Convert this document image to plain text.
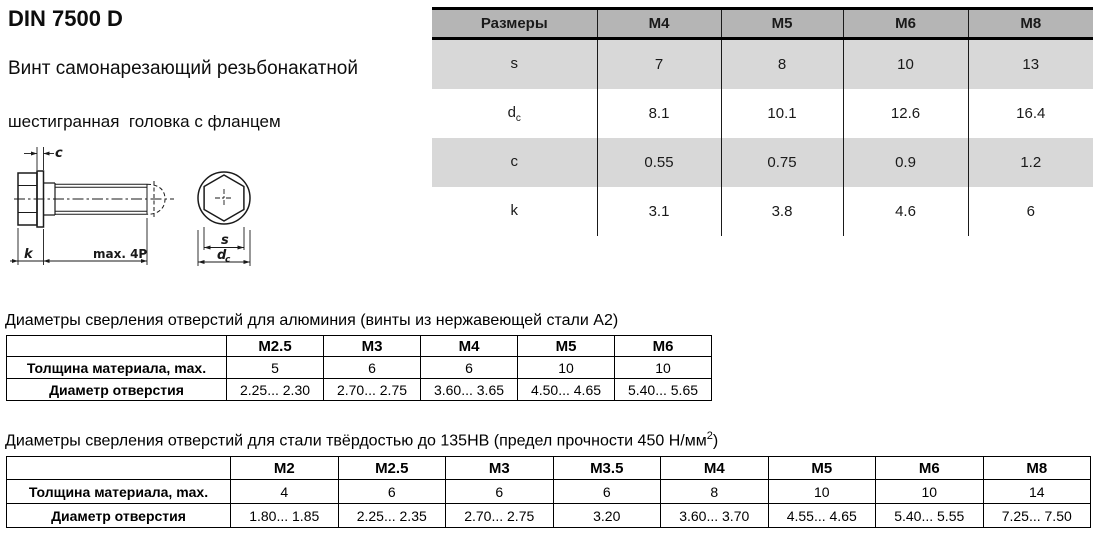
DIN 7500 D
Винт самонарезающий резьбонакатной
шестигранная  головка с фланцем
c
k	max. 4P
s
d
c
Размеры	M4	M5	M6	M8
s	7	8	10	13
$d_c$	8.1	10.1	12.6	16.4
c	0.55	0.75	0.9	1.2
k	3.1	3.8	4.6	6
Диаметры сверления отверстий для алюминия (винты из нержавеющей стали A2)
	M2.5	M3	M4	M5	M6
Толщина материала, max.	5	6	6	10	10
Диаметр отверстия	2.25... 2.30	2.70... 2.75	3.60... 3.65	4.50... 4.65	5.40... 5.65
Диаметры сверления отверстий для стали твёрдостью до 135HB (предел прочности 450 $Н/мм^2$)
	M2	M2.5	M3	M3.5	M4	M5	M6	M8
Толщина материала, max.	4	6	6	6	8	10	10	14
Диаметр отверстия	1.80... 1.85	2.25... 2.35	2.70... 2.75	3.20	3.60... 3.70	4.55... 4.65	5.40... 5.55	7.25... 7.50
